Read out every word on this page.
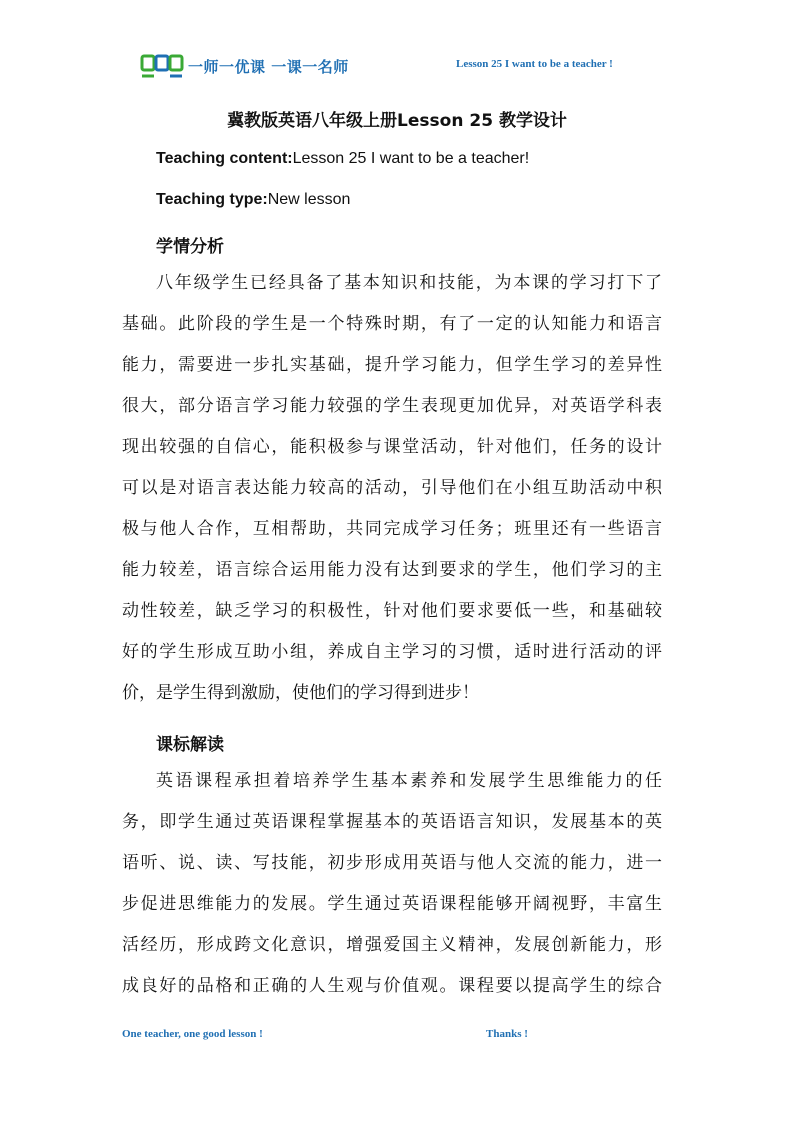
一师一优课 一课一名师	Lesson 25 I want to be a teacher !
冀教版英语八年级上册Lesson 25 教学设计
Teaching content:Lesson 25 I want to be a teacher!
Teaching type:New lesson
学情分析
八年级学生已经具备了基本知识和技能，为本课的学习打下了
基础。此阶段的学生是一个特殊时期，有了一定的认知能力和语言
能力，需要进一步扎实基础，提升学习能力，但学生学习的差异性
很大，部分语言学习能力较强的学生表现更加优异，对英语学科表
现出较强的自信心，能积极参与课堂活动，针对他们，任务的设计
可以是对语言表达能力较高的活动，引导他们在小组互助活动中积
极与他人合作，互相帮助，共同完成学习任务；班里还有一些语言
能力较差，语言综合运用能力没有达到要求的学生，他们学习的主
动性较差，缺乏学习的积极性，针对他们要求要低一些，和基础较
好的学生形成互助小组，养成自主学习的习惯，适时进行活动的评
价，是学生得到激励，使他们的学习得到进步！
课标解读
英语课程承担着培养学生基本素养和发展学生思维能力的任
务，即学生通过英语课程掌握基本的英语语言知识，发展基本的英
语听、说、读、写技能，初步形成用英语与他人交流的能力，进一
步促进思维能力的发展。学生通过英语课程能够开阔视野，丰富生
活经历，形成跨文化意识，增强爱国主义精神，发展创新能力，形
成良好的品格和正确的人生观与价值观。课程要以提高学生的综合
One teacher, one good lesson !	Thanks !
